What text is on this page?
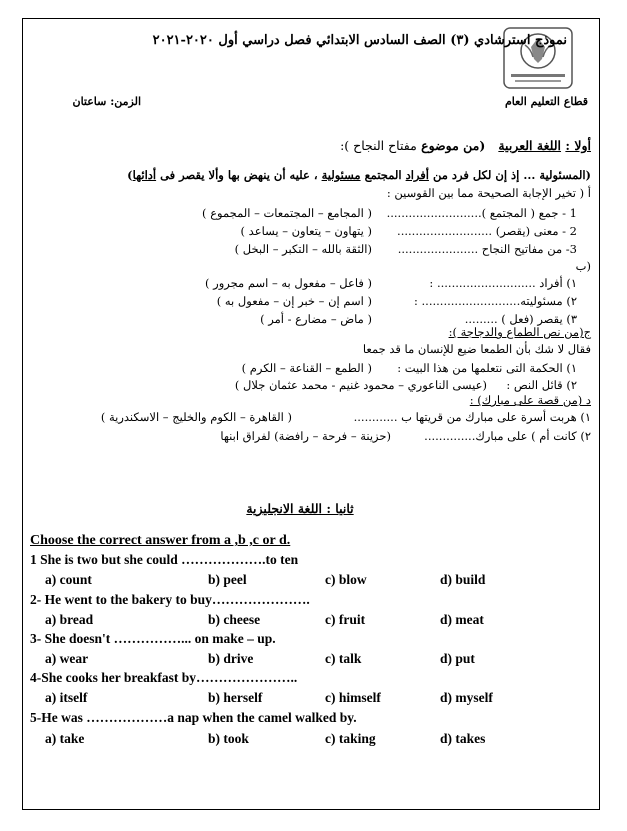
نموذج استرشادي (٣) الصف السادس الابتدائي فصل دراسي أول ٢٠٢٠-٢٠٢١
الزمن: ساعتان	قطاع التعليم العام
أولا : اللغة العربية   (من موضوع مفتاح النجاح ):
(المسئولية ... إذ إن لكل فرد من أفراد المجتمع مسئولية ، عليه أن ينهض بها وألا يقصر فى أدائها)
أ ( تخير الإجابة الصحيحة مما بين القوسين :
1 - جمع ( المجتمع )..........................
( المجامع – المجتمعات – المجموع )
2 - معنى (يقصر) ..........................
( يتهاون – يتعاون – يساعد )
3- من مفاتيح النجاح ......................
(الثقة بالله – التكبر – البخل )
(ب
١) أفراد ........................... :
( فاعل – مفعول به – اسم مجرور )
٢) مسئوليته........................... :
( اسم إن – خبر إن – مفعول به )
٣) يقصر (فعل ) .........
( ماض – مضارع - أمر )
ج(من نص الطماع والدجاجة ):
فقال لا شك بأن الطمعا ضيع للإنسان ما قد جمعا
١) الحكمة التى نتعلمها من هذا البيت :
( الطمع – القناعة – الكرم )
٢) قائل النص :
(عيسى الناعوري – محمود غنيم - محمد عثمان جلال )
د (من قصة على مبارك) :
١) هربت أسرة على مبارك من قريتها ب ............
( القاهرة – الكوم والخليج – الاسكندرية )
٢) كانت أم ) على مبارك..............
(حزينة – فرحة – رافضة) لفراق ابنها
ثانيا : اللغة الانجليزية
Choose the correct answer from a ,b ,c or d.
1 She is two but she could ……………….to ten
a) count	b) peel	c) blow	d) build
2- He went to the bakery to buy………………….
a) bread	b) cheese	c) fruit	d) meat
3- She doesn't ……………... on make – up.
a) wear	b) drive	c) talk	d) put
4-She cooks her breakfast by…………………..
a) itself	b) herself	c) himself	d) myself
5-He was ………………a nap when the camel walked by.
a) take	b) took	c) taking	d) takes
